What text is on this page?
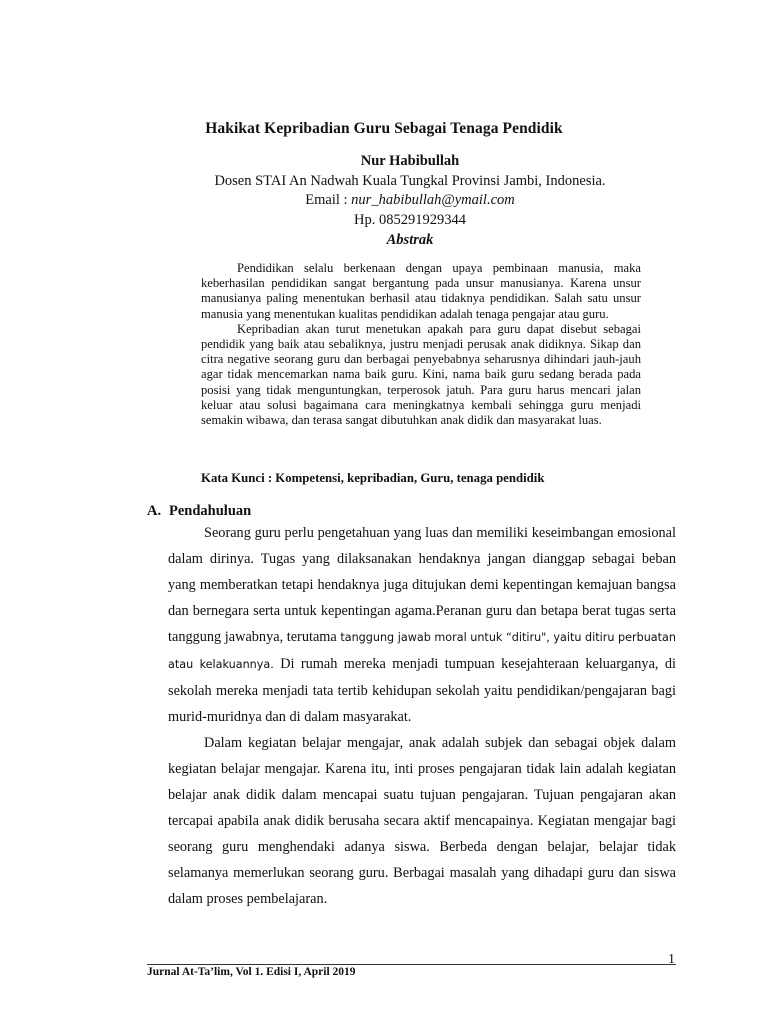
Hakikat Kepribadian Guru Sebagai Tenaga Pendidik
Nur Habibullah
Dosen STAI An Nadwah Kuala Tungkal Provinsi Jambi, Indonesia.
Email : nur_habibullah@ymail.com
Hp. 085291929344
Abstrak

Pendidikan selalu berkenaan dengan upaya pembinaan manusia, maka keberhasilan pendidikan sangat bergantung pada unsur manusianya. Karena unsur manusianya paling menentukan berhasil atau tidaknya pendidikan. Salah satu unsur manusia yang menentukan kualitas pendidikan adalah tenaga pengajar atau guru.

Kepribadian akan turut menetukan apakah para guru dapat disebut sebagai pendidik yang baik atau sebaliknya, justru menjadi perusak anak didiknya. Sikap dan citra negative seorang guru dan berbagai penyebabnya seharusnya dihindari jauh-jauh agar tidak mencemarkan nama baik guru. Kini, nama baik guru sedang berada pada posisi yang tidak menguntungkan, terperosok jatuh. Para guru harus mencari jalan keluar atau solusi bagaimana cara meningkatnya kembali sehingga guru menjadi semakin wibawa, dan terasa sangat dibutuhkan anak didik dan masyarakat luas.

Kata Kunci : Kompetensi, kepribadian, Guru, tenaga pendidik
A. Pendahuluan

Seorang guru perlu pengetahuan yang luas dan memiliki keseimbangan emosional dalam dirinya. Tugas yang dilaksanakan hendaknya jangan dianggap sebagai beban yang memberatkan tetapi hendaknya juga ditujukan demi kepentingan kemajuan bangsa dan bernegara serta untuk kepentingan agama.Peranan guru dan betapa berat tugas serta tanggung jawabnya, terutama tanggung jawab moral untuk “ditiru", yaitu ditiru perbuatan atau kelakuannya. Di rumah mereka menjadi tumpuan kesejahteraan keluarganya, di sekolah mereka menjadi tata tertib kehidupan sekolah yaitu pendidikan/pengajaran bagi murid-muridnya dan di dalam masyarakat.

Dalam kegiatan belajar mengajar, anak adalah subjek dan sebagai objek dalam kegiatan belajar mengajar. Karena itu, inti proses pengajaran tidak lain adalah kegiatan belajar anak didik dalam mencapai suatu tujuan pengajaran. Tujuan pengajaran akan tercapai apabila anak didik berusaha secara aktif mencapainya. Kegiatan mengajar bagi seorang guru menghendaki adanya siswa. Berbeda dengan belajar, belajar tidak selamanya memerlukan seorang guru. Berbagai masalah yang dihadapi guru dan siswa dalam proses pembelajaran.

1
Jurnal At-Ta’lim, Vol 1. Edisi I, April 2019
